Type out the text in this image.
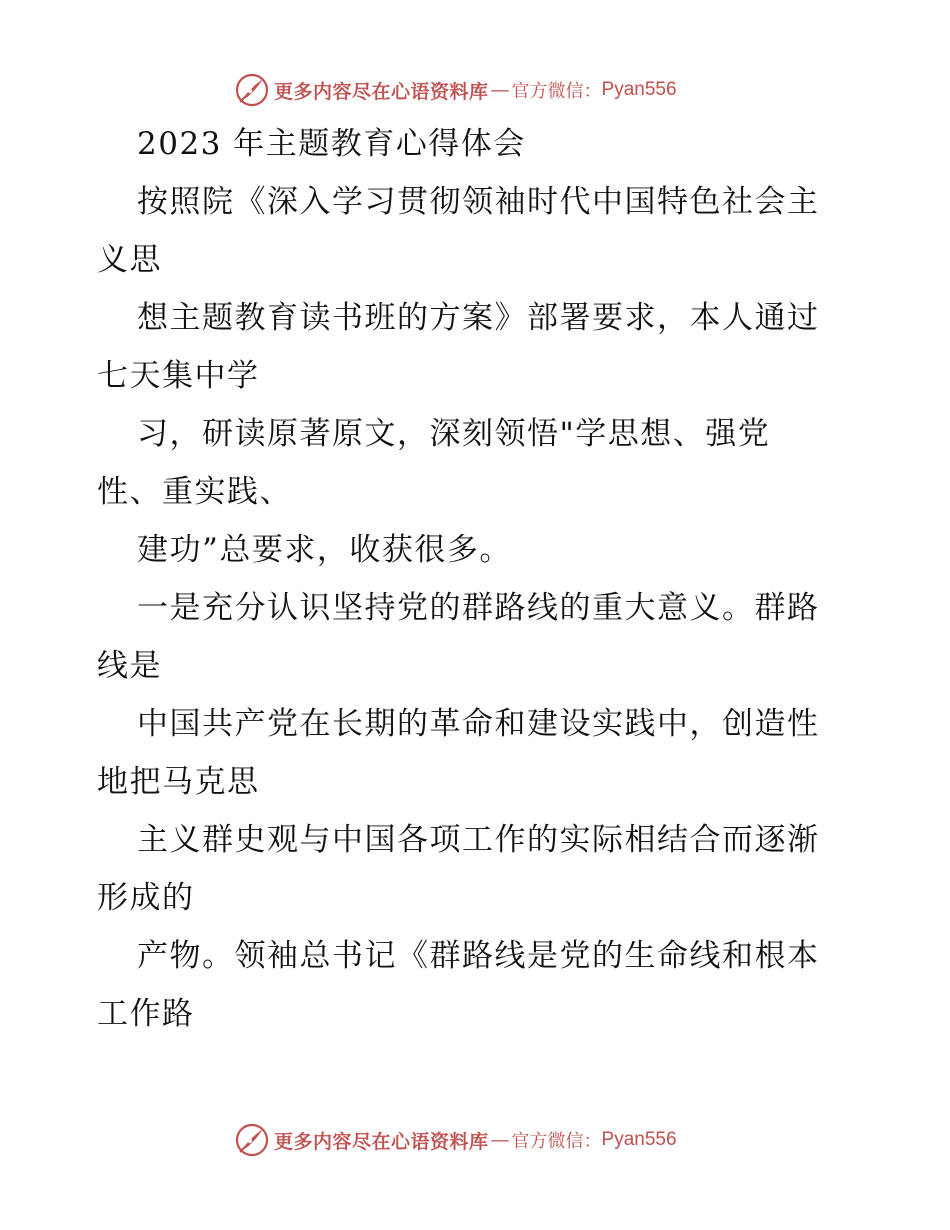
更多内容尽在心语资料库 — 官方微信： Pyan556
2023 年主题教育心得体会
按照院《深入学习贯彻领袖时代中国特色社会主
义思
想主题教育读书班的方案》部署要求，本人通过
七天集中学
习，研读原著原文，深刻领悟"学思想、强党
性、重实践、
建功”总要求，收获很多。
一是充分认识坚持党的群路线的重大意义。群路
线是
中国共产党在长期的革命和建设实践中，创造性
地把马克思
主义群史观与中国各项工作的实际相结合而逐渐
形成的
产物。领袖总书记《群路线是党的生命线和根本
工作路
更多内容尽在心语资料库 — 官方微信： Pyan556
